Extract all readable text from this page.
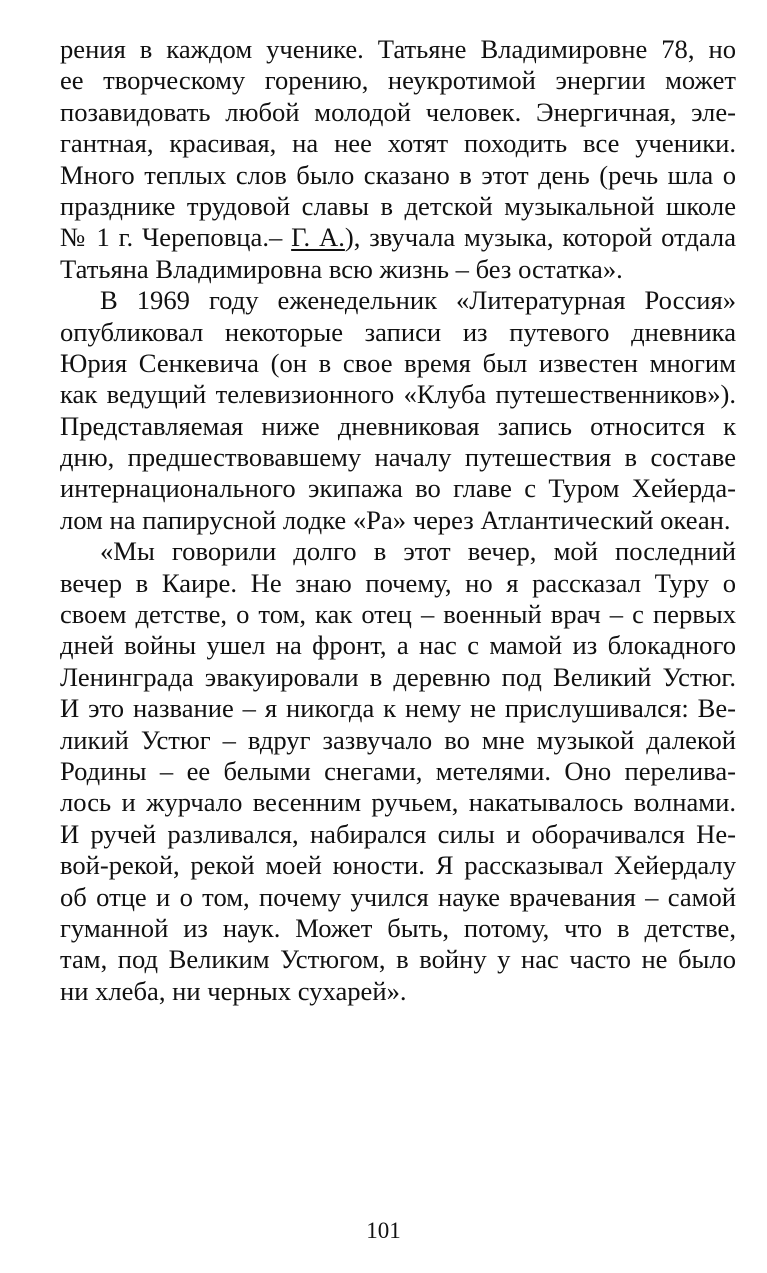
рения в каждом ученике. Татьяне Владимировне 78, но
ее творческому горению, неукротимой энергии может
позавидовать любой молодой человек. Энергичная, эле-
гантная, красивая, на нее хотят походить все ученики.
Много теплых слов было сказано в этот день (речь шла о
празднике трудовой славы в детской музыкальной школе
№ 1 г. Череповца.– Г. А.), звучала музыка, которой отдала
Татьяна Владимировна всю жизнь – без остатка».
В 1969 году еженедельник «Литературная Россия»
опубликовал некоторые записи из путевого дневника
Юрия Сенкевича (он в свое время был известен многим
как ведущий телевизионного «Клуба путешественников»).
Представляемая ниже дневниковая запись относится к
дню, предшествовавшему началу путешествия в составе
интернационального экипажа во главе с Туром Хейерда-
лом на папирусной лодке «Ра» через Атлантический океан.
«Мы говорили долго в этот вечер, мой последний
вечер в Каире. Не знаю почему, но я рассказал Туру о
своем детстве, о том, как отец – военный врач – с первых
дней войны ушел на фронт, а нас с мамой из блокадного
Ленинграда эвакуировали в деревню под Великий Устюг.
И это название – я никогда к нему не прислушивался: Ве-
ликий Устюг – вдруг зазвучало во мне музыкой далекой
Родины – ее белыми снегами, метелями. Оно перелива-
лось и журчало весенним ручьем, накатывалось волнами.
И ручей разливался, набирался силы и оборачивался Не-
вой-рекой, рекой моей юности. Я рассказывал Хейердалу
об отце и о том, почему учился науке врачевания – самой
гуманной из наук. Может быть, потому, что в детстве,
там, под Великим Устюгом, в войну у нас часто не было
ни хлеба, ни черных сухарей».
101
